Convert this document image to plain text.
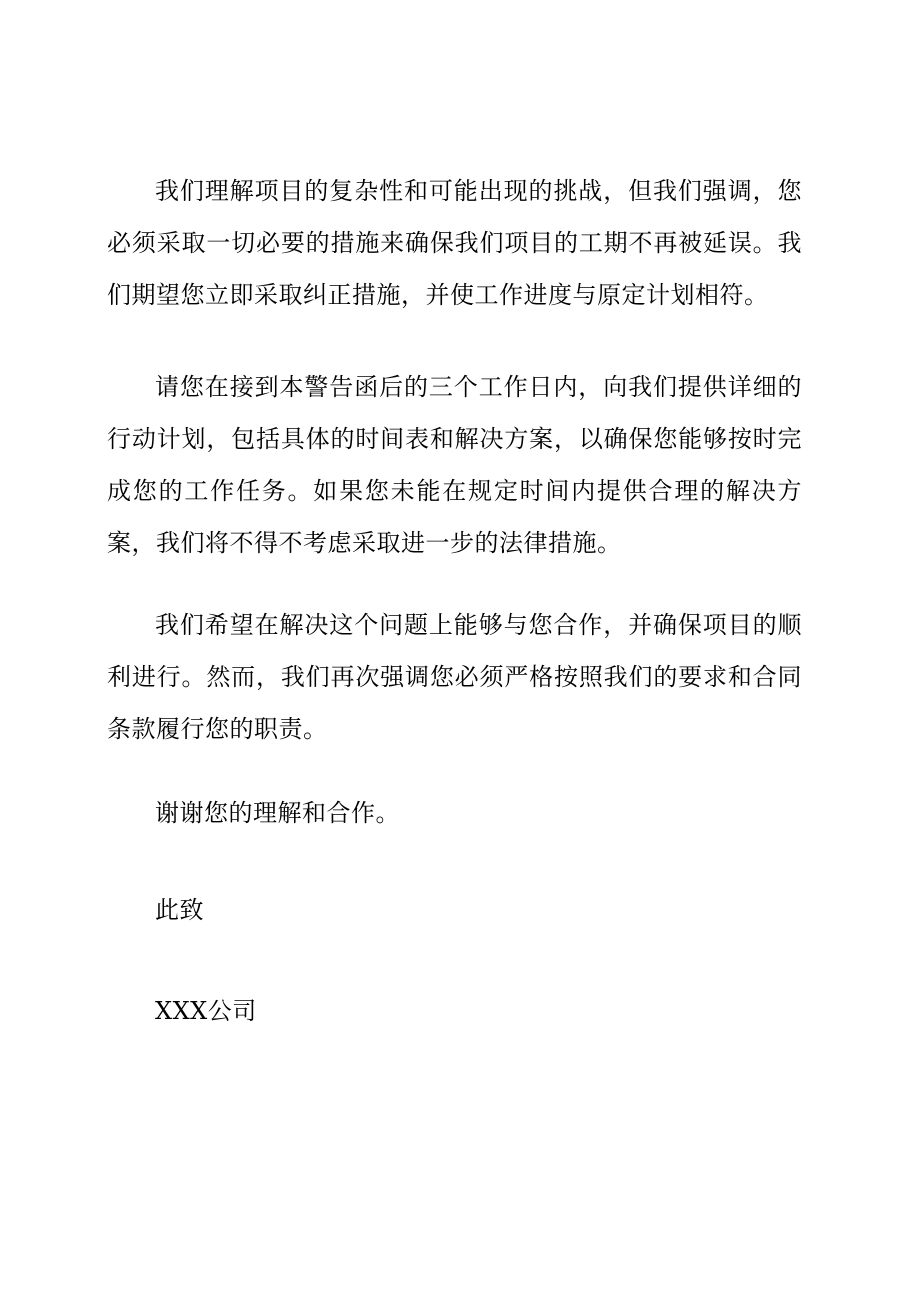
我们理解项目的复杂性和可能出现的挑战，但我们强调，您必须采取一切必要的措施来确保我们项目的工期不再被延误。我们期望您立即采取纠正措施，并使工作进度与原定计划相符。

请您在接到本警告函后的三个工作日内，向我们提供详细的行动计划，包括具体的时间表和解决方案，以确保您能够按时完成您的工作任务。如果您未能在规定时间内提供合理的解决方案，我们将不得不考虑采取进一步的法律措施。

我们希望在解决这个问题上能够与您合作，并确保项目的顺利进行。然而，我们再次强调您必须严格按照我们的要求和合同条款履行您的职责。

谢谢您的理解和合作。

此致

XXX公司
